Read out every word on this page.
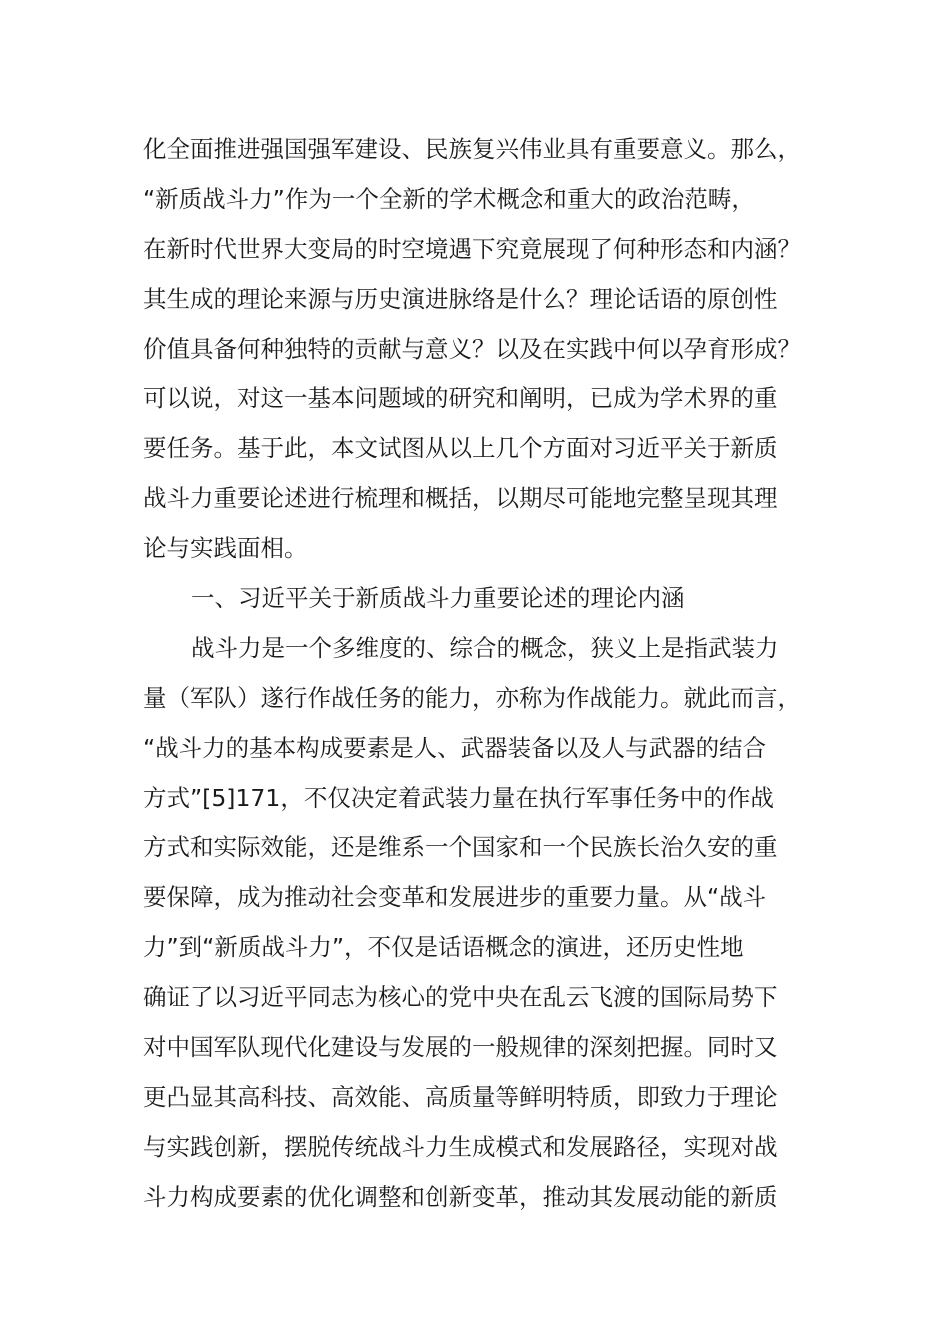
化全面推进强国强军建设、民族复兴伟业具有重要意义。那么，
“新质战斗力”作为一个全新的学术概念和重大的政治范畴，
在新时代世界大变局的时空境遇下究竟展现了何种形态和内涵？
其生成的理论来源与历史演进脉络是什么？理论话语的原创性
价值具备何种独特的贡献与意义？以及在实践中何以孕育形成？
可以说，对这一基本问题域的研究和阐明，已成为学术界的重
要任务。基于此，本文试图从以上几个方面对习近平关于新质
战斗力重要论述进行梳理和概括，以期尽可能地完整呈现其理
论与实践面相。
一、习近平关于新质战斗力重要论述的理论内涵
战斗力是一个多维度的、综合的概念，狭义上是指武装力
量（军队）遂行作战任务的能力，亦称为作战能力。就此而言，
“战斗力的基本构成要素是人、武器装备以及人与武器的结合
方式”[5]171，不仅决定着武装力量在执行军事任务中的作战
方式和实际效能，还是维系一个国家和一个民族长治久安的重
要保障，成为推动社会变革和发展进步的重要力量。从“战斗
力”到“新质战斗力”，不仅是话语概念的演进，还历史性地
确证了以习近平同志为核心的党中央在乱云飞渡的国际局势下
对中国军队现代化建设与发展的一般规律的深刻把握。同时又
更凸显其高科技、高效能、高质量等鲜明特质，即致力于理论
与实践创新，摆脱传统战斗力生成模式和发展路径，实现对战
斗力构成要素的优化调整和创新变革，推动其发展动能的新质
